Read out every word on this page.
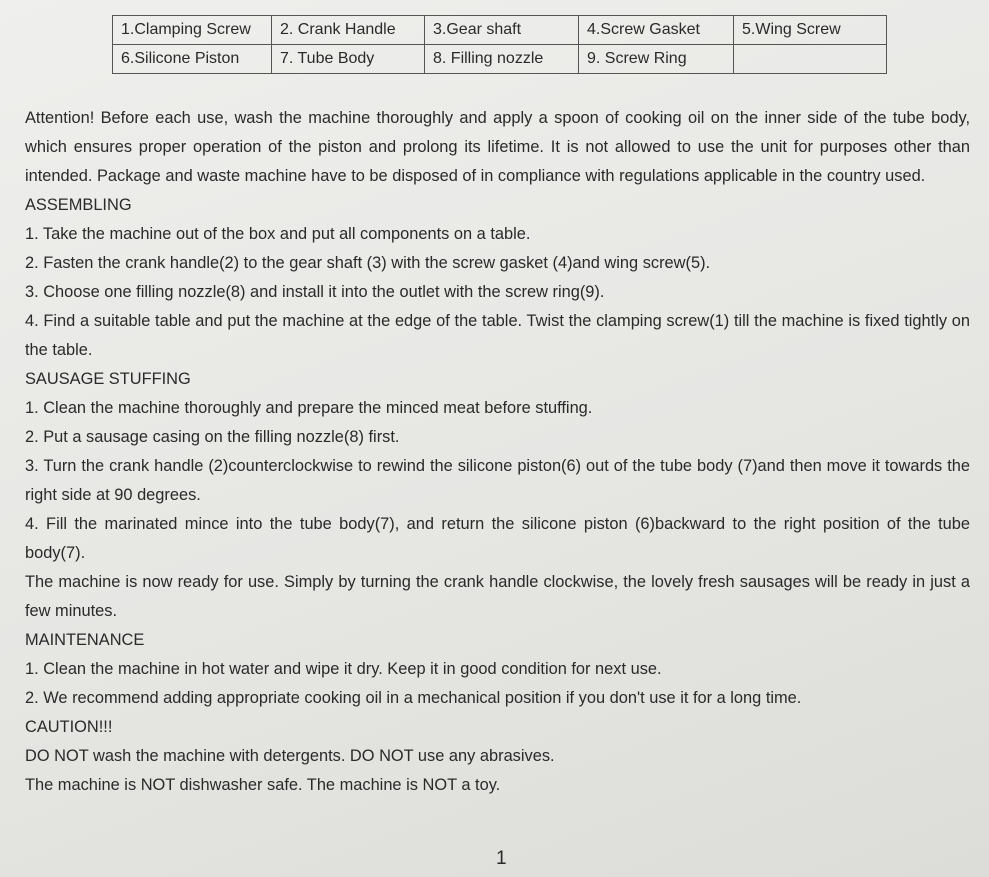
1.Clamping Screw	2. Crank Handle	3.Gear shaft	4.Screw Gasket	5.Wing Screw
6.Silicone Piston	7. Tube Body	8. Filling nozzle	9. Screw Ring	

Attention! Before each use, wash the machine thoroughly and apply a spoon of cooking oil on the inner side of the tube body, which ensures proper operation of the piston and prolong its lifetime. It is not allowed to use the unit for purposes other than intended. Package and waste machine have to be disposed of in compliance with regulations applicable in the country used.

ASSEMBLING

1. Take the machine out of the box and put all components on a table.

2. Fasten the crank handle(2) to the gear shaft (3) with the screw gasket (4)and wing screw(5).

3. Choose one filling nozzle(8) and install it into the outlet with the screw ring(9).

4. Find a suitable table and put the machine at the edge of the table. Twist the clamping screw(1) till the machine is fixed tightly on the table.

SAUSAGE STUFFING

1. Clean the machine thoroughly and prepare the minced meat before stuffing.

2. Put a sausage casing on the filling nozzle(8) first.

3. Turn the crank handle (2)counterclockwise to rewind the silicone piston(6) out of the tube body (7)and then move it towards the right side at 90 degrees.

4. Fill the marinated mince into the tube body(7), and return the silicone piston (6)backward to the right position of the tube body(7).

The machine is now ready for use. Simply by turning the crank handle clockwise, the lovely fresh sausages will be ready in just a few minutes.

MAINTENANCE

1. Clean the machine in hot water and wipe it dry. Keep it in good condition for next use.

2. We recommend adding appropriate cooking oil in a mechanical position if you don't use it for a long time.

CAUTION!!!

DO NOT wash the machine with detergents. DO NOT use any abrasives.

The machine is NOT dishwasher safe. The machine is NOT a toy.

1
